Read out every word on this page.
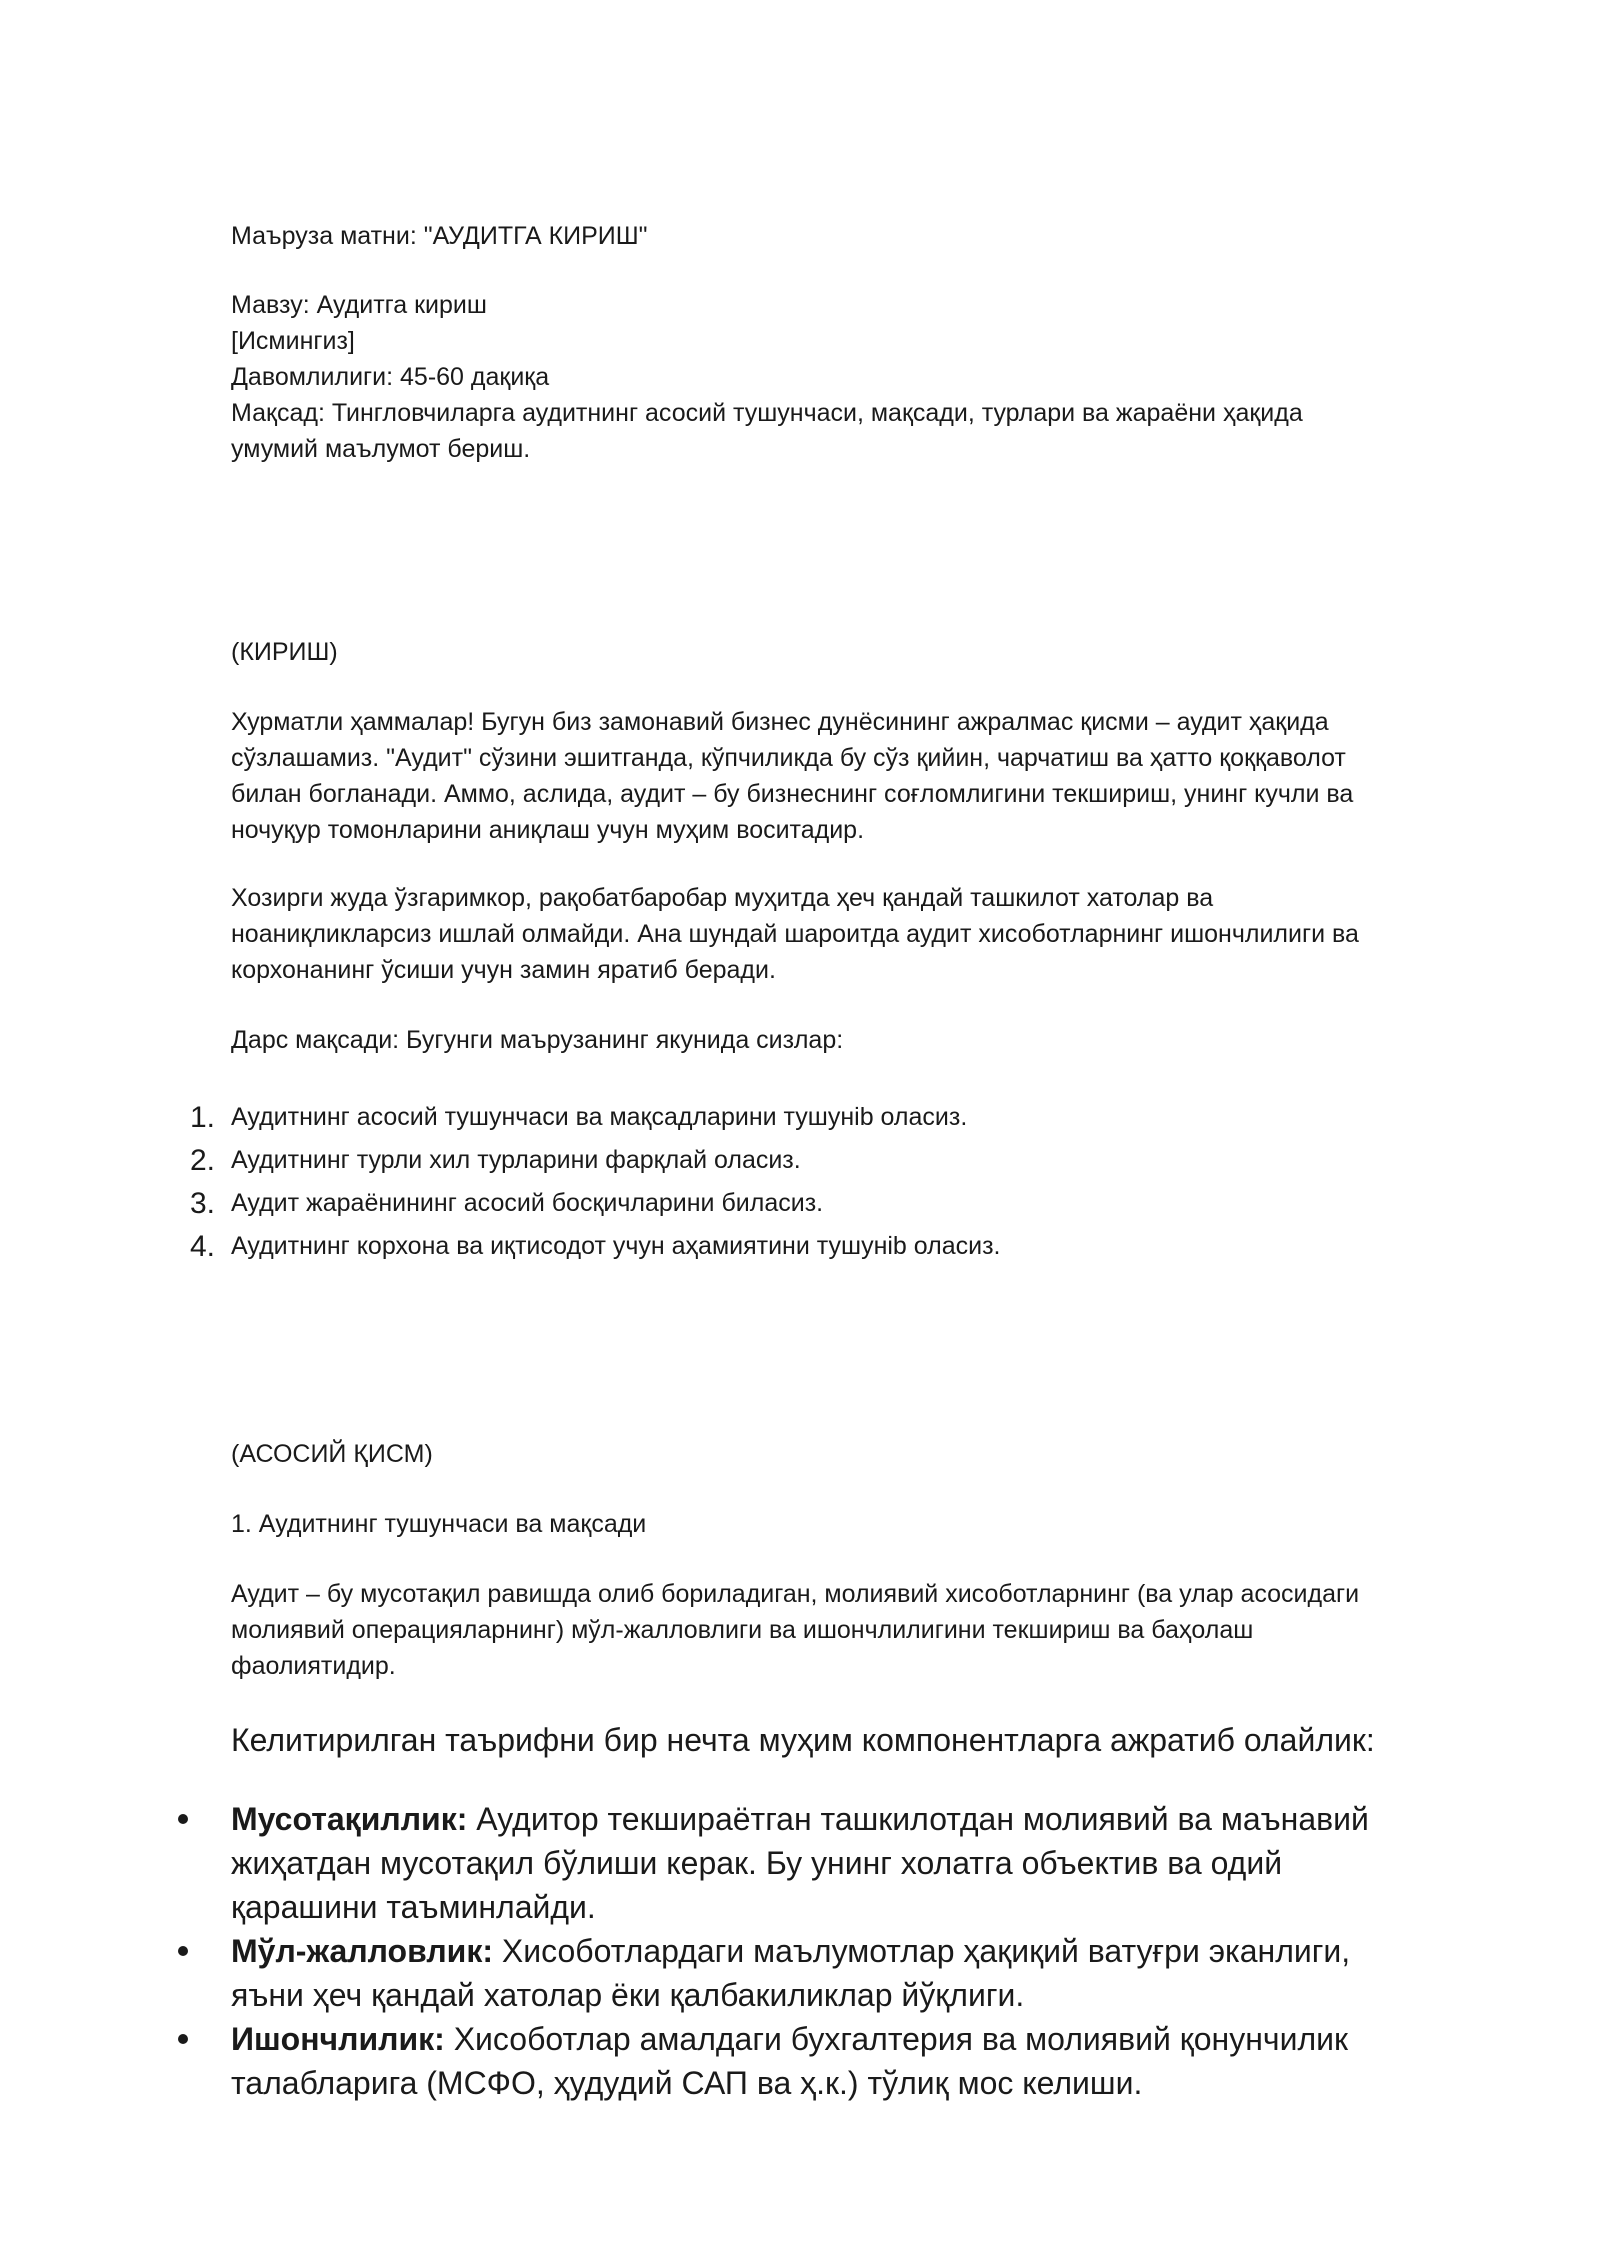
Маъруза матни: "АУДИТГА КИРИШ"

Мавзу: Аудитга кириш

[Исмингиз]

Давомлилиги: 45-60 дақиқа

Мақсад: Тингловчиларга аудитнинг асосий тушунчаси, мақсади, турлари ва жараёни ҳақида

умумий маълумот бериш.

(КИРИШ)

Хурматли ҳаммалар! Бугун биз замонавий бизнес дунёсининг ажралмас қисми – аудит ҳақида

сўзлашамиз. "Аудит" сўзини эшитганда, кўпчиликда бу сўз қийин, чарчатиш ва ҳатто қоққаволот

билан богланади. Аммо, аслида, аудит – бу бизнеснинг соғломлигини текшириш, унинг кучли ва

ночуқур томонларини аниқлаш учун муҳим воситадир.

Хозирги жуда ўзгаримкор, рақобатбаробар муҳитда ҳеч қандай ташкилот хатолар ва

ноаниқликларсиз ишлай олмайди. Ана шундай шароитда аудит хисоботларнинг ишончлилиги ва

корхонанинг ўсиши учун замин яратиб беради.

Дарс мақсади: Бугунги маърузанинг якунида сизлар:

1. Аудитнинг асосий тушунчаси ва мақсадларини тушуніb оласиз.
2. Аудитнинг турли хил турларини фарқлай оласиз.
3. Аудит жараёнининг асосий босқичларини биласиз.
4. Аудитнинг корхона ва иқтисодот учун аҳамиятини тушуніb оласиз.

(АСОСИЙ ҚИСМ)

1. Аудитнинг тушунчаси ва мақсади

Аудит – бу мусотақил равишда олиб бориладиган, молиявий хисоботларнинг (ва улар асосидаги

молиявий операцияларнинг) мўл-жалловлиги ва ишончлилигини текшириш ва баҳолаш

фаолиятидир.

Келитирилган таърифни бир нечта муҳим компонентларга ажратиб олайлик:

Мусотақиллик: Аудитор текшираётган ташкилотдан молиявий ва маънавий
жиҳатдан мусотақил бўлиши керак. Бу унинг холатга объектив ва одий
қарашини таъминлайди.
Мўл-жалловлик: Хисоботлардаги маълумотлар ҳақиқий ватуғри эканлиги,
яъни ҳеч қандай хатолар ёки қалбакиликлар йўқлиги.
Ишончлилик: Хисоботлар амалдаги бухгалтерия ва молиявий қонунчилик
талабларига (МСФО, ҳудудий САП ва ҳ.к.) тўлиқ мос келиши.
